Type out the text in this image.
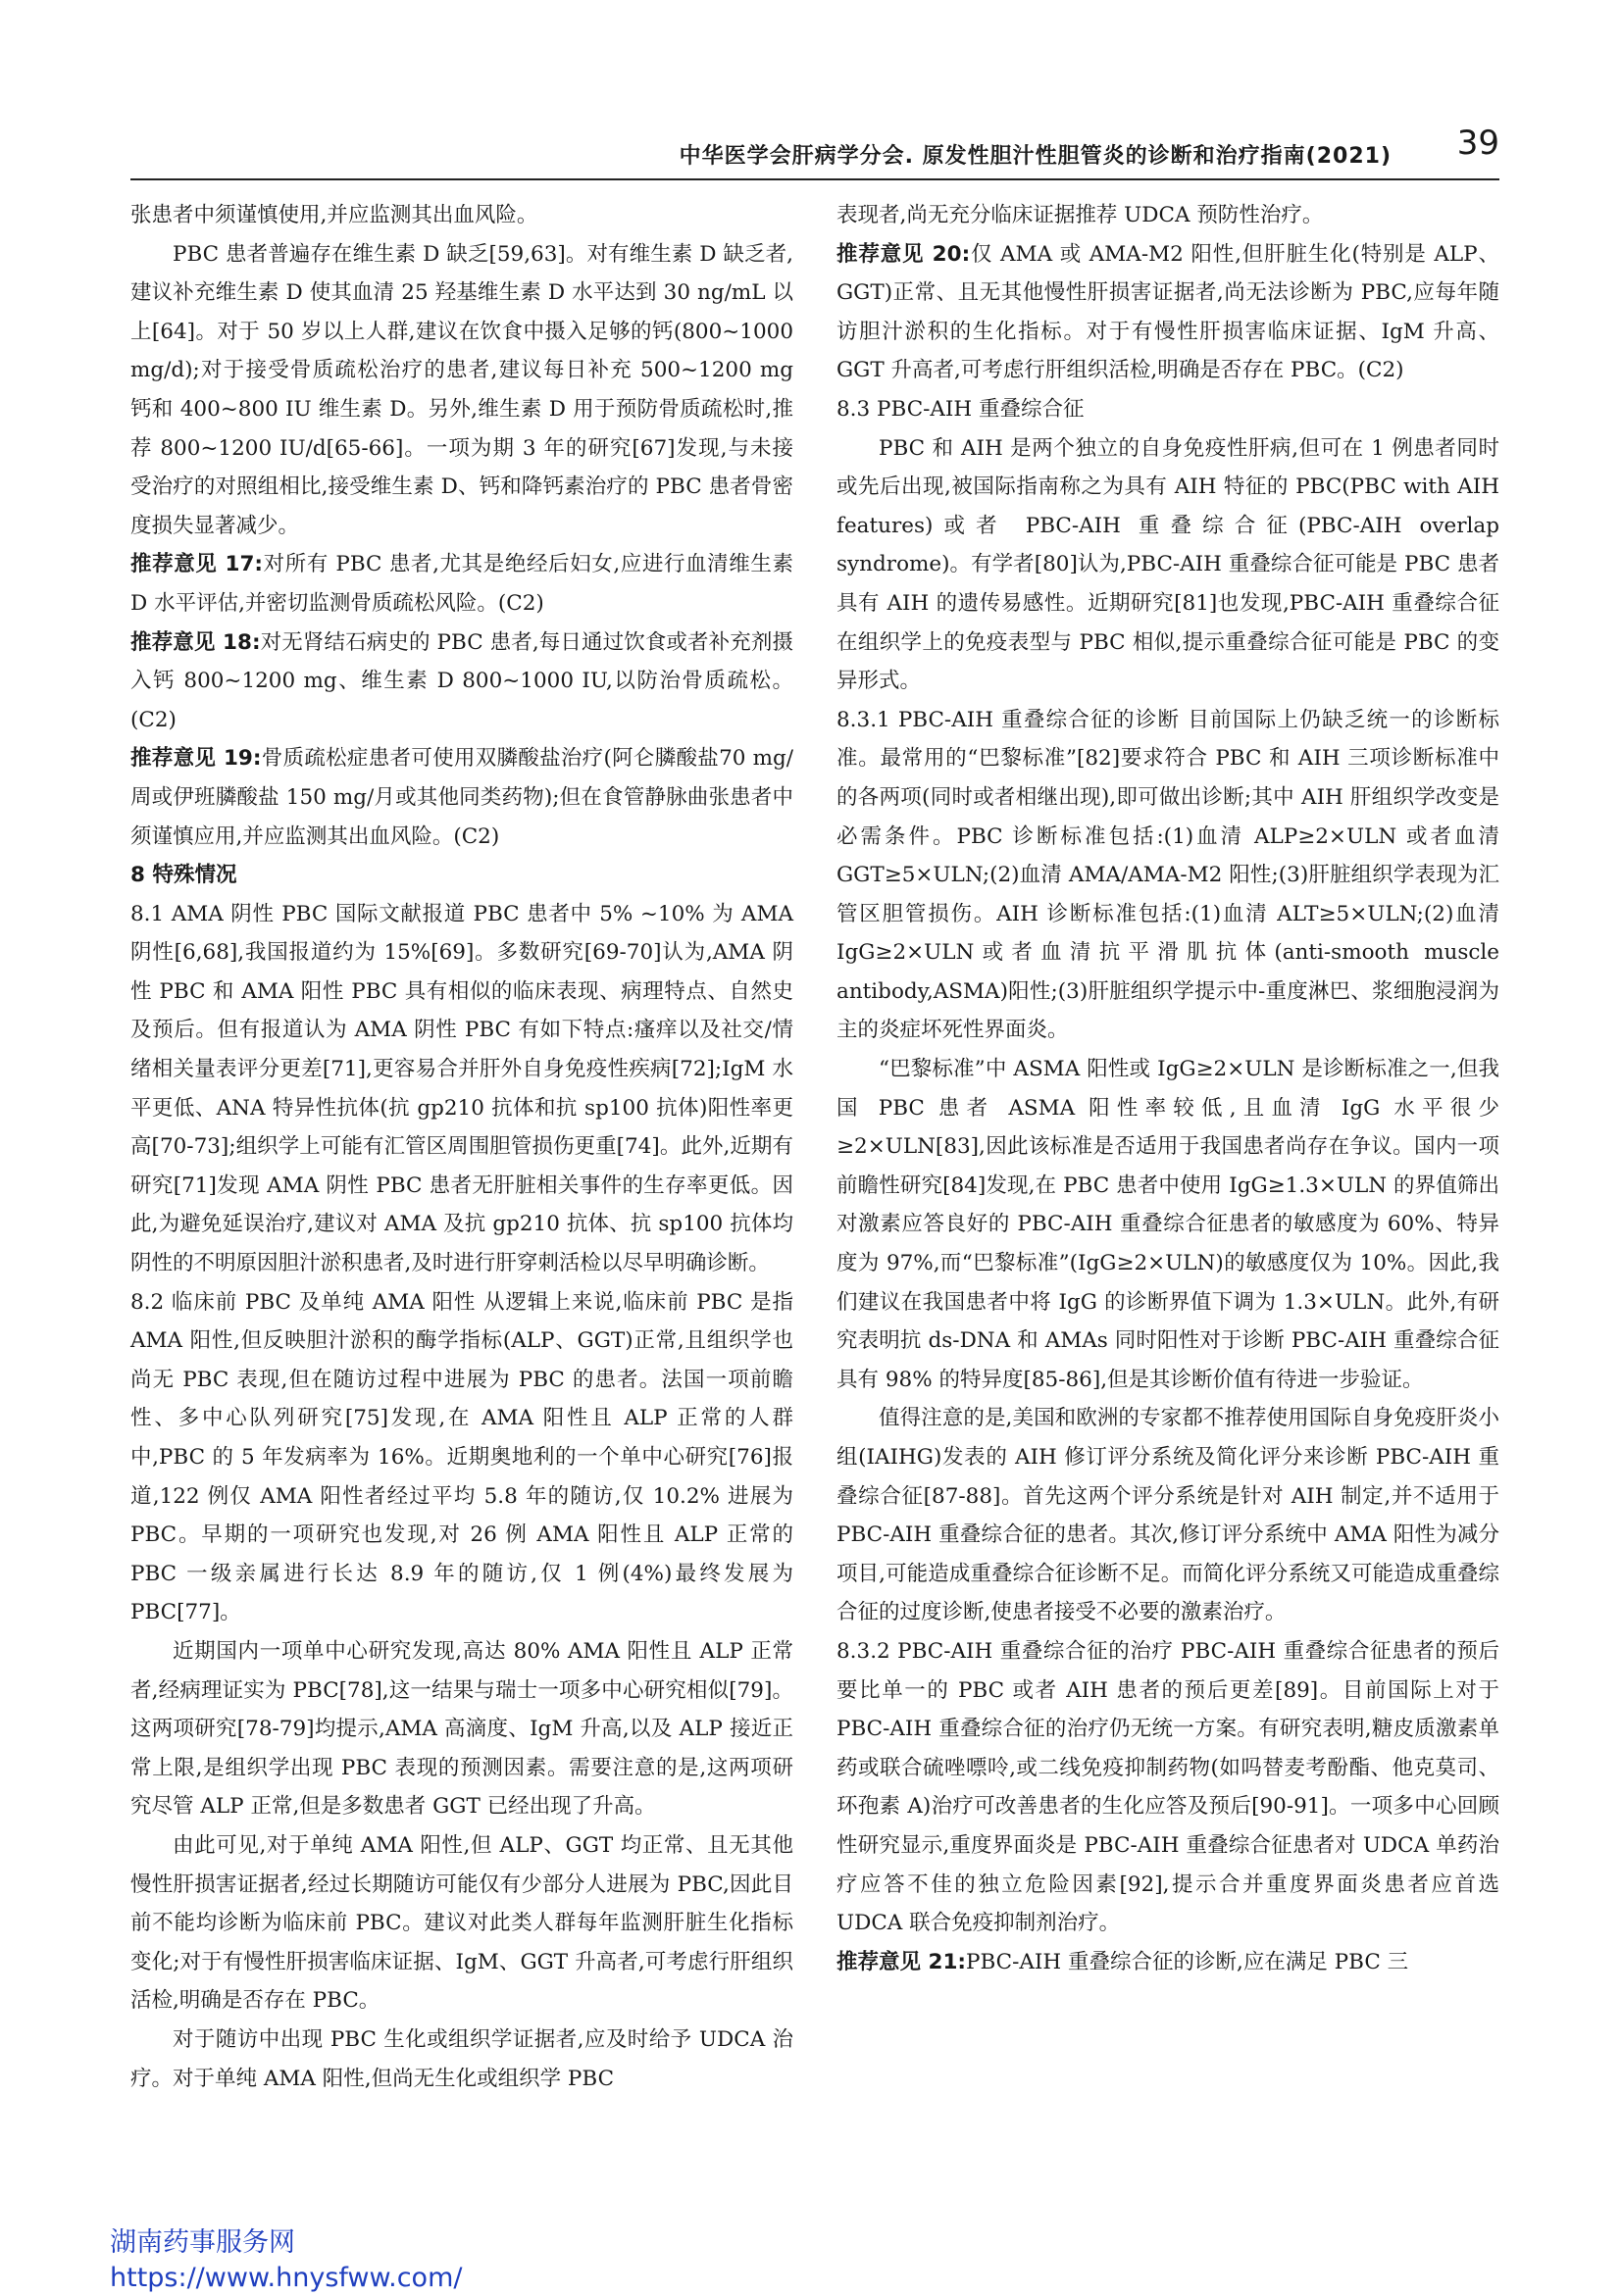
中华医学会肝病学分会. 原发性胆汁性胆管炎的诊断和治疗指南(2021) 39

张患者中须谨慎使用,并应监测其出血风险。

PBC 患者普遍存在维生素 D 缺乏[59,63]。对有维生素 D 缺乏者,建议补充维生素 D 使其血清 25 羟基维生素 D 水平达到 30 ng/mL 以上[64]。对于 50 岁以上人群,建议在饮食中摄入足够的钙(800~1000 mg/d);对于接受骨质疏松治疗的患者,建议每日补充 500~1200 mg 钙和 400~800 IU 维生素 D。另外,维生素 D 用于预防骨质疏松时,推荐 800~1200 IU/d[65-66]。一项为期 3 年的研究[67]发现,与未接受治疗的对照组相比,接受维生素 D、钙和降钙素治疗的 PBC 患者骨密度损失显著减少。

推荐意见 17:对所有 PBC 患者,尤其是绝经后妇女,应进行血清维生素 D 水平评估,并密切监测骨质疏松风险。(C2)

推荐意见 18:对无肾结石病史的 PBC 患者,每日通过饮食或者补充剂摄入钙 800~1200 mg、维生素 D 800~1000 IU,以防治骨质疏松。(C2)

推荐意见 19:骨质疏松症患者可使用双膦酸盐治疗(阿仑膦酸盐70 mg/周或伊班膦酸盐 150 mg/月或其他同类药物);但在食管静脉曲张患者中须谨慎应用,并应监测其出血风险。(C2)

8 特殊情况

8.1 AMA 阴性 PBC 国际文献报道 PBC 患者中 5% ~10% 为 AMA 阴性[6,68],我国报道约为 15%[69]。多数研究[69-70]认为,AMA 阴性 PBC 和 AMA 阳性 PBC 具有相似的临床表现、病理特点、自然史及预后。但有报道认为 AMA 阴性 PBC 有如下特点:瘙痒以及社交/情绪相关量表评分更差[71],更容易合并肝外自身免疫性疾病[72];IgM 水平更低、ANA 特异性抗体(抗 gp210 抗体和抗 sp100 抗体)阳性率更高[70-73];组织学上可能有汇管区周围胆管损伤更重[74]。此外,近期有研究[71]发现 AMA 阴性 PBC 患者无肝脏相关事件的生存率更低。因此,为避免延误治疗,建议对 AMA 及抗 gp210 抗体、抗 sp100 抗体均阴性的不明原因胆汁淤积患者,及时进行肝穿刺活检以尽早明确诊断。

8.2 临床前 PBC 及单纯 AMA 阳性 从逻辑上来说,临床前 PBC 是指 AMA 阳性,但反映胆汁淤积的酶学指标(ALP、GGT)正常,且组织学也尚无 PBC 表现,但在随访过程中进展为 PBC 的患者。法国一项前瞻性、多中心队列研究[75]发现,在 AMA 阳性且 ALP 正常的人群中,PBC 的 5 年发病率为 16%。近期奥地利的一个单中心研究[76]报道,122 例仅 AMA 阳性者经过平均 5.8 年的随访,仅 10.2% 进展为 PBC。早期的一项研究也发现,对 26 例 AMA 阳性且 ALP 正常的 PBC 一级亲属进行长达 8.9 年的随访,仅 1 例(4%)最终发展为 PBC[77]。

近期国内一项单中心研究发现,高达 80% AMA 阳性且 ALP 正常者,经病理证实为 PBC[78],这一结果与瑞士一项多中心研究相似[79]。这两项研究[78-79]均提示,AMA 高滴度、IgM 升高,以及 ALP 接近正常上限,是组织学出现 PBC 表现的预测因素。需要注意的是,这两项研究尽管 ALP 正常,但是多数患者 GGT 已经出现了升高。

由此可见,对于单纯 AMA 阳性,但 ALP、GGT 均正常、且无其他慢性肝损害证据者,经过长期随访可能仅有少部分人进展为 PBC,因此目前不能均诊断为临床前 PBC。建议对此类人群每年监测肝脏生化指标变化;对于有慢性肝损害临床证据、IgM、GGT 升高者,可考虑行肝组织活检,明确是否存在 PBC。

对于随访中出现 PBC 生化或组织学证据者,应及时给予 UDCA 治疗。对于单纯 AMA 阳性,但尚无生化或组织学 PBC

表现者,尚无充分临床证据推荐 UDCA 预防性治疗。

推荐意见 20:仅 AMA 或 AMA-M2 阳性,但肝脏生化(特别是 ALP、GGT)正常、且无其他慢性肝损害证据者,尚无法诊断为 PBC,应每年随访胆汁淤积的生化指标。对于有慢性肝损害临床证据、IgM 升高、GGT 升高者,可考虑行肝组织活检,明确是否存在 PBC。(C2)

8.3 PBC-AIH 重叠综合征

PBC 和 AIH 是两个独立的自身免疫性肝病,但可在 1 例患者同时或先后出现,被国际指南称之为具有 AIH 特征的 PBC(PBC with AIH features)或者 PBC-AIH 重叠综合征(PBC-AIH overlap syndrome)。有学者[80]认为,PBC-AIH 重叠综合征可能是 PBC 患者具有 AIH 的遗传易感性。近期研究[81]也发现,PBC-AIH 重叠综合征在组织学上的免疫表型与 PBC 相似,提示重叠综合征可能是 PBC 的变异形式。

8.3.1 PBC-AIH 重叠综合征的诊断 目前国际上仍缺乏统一的诊断标准。最常用的“巴黎标准”[82]要求符合 PBC 和 AIH 三项诊断标准中的各两项(同时或者相继出现),即可做出诊断;其中 AIH 肝组织学改变是必需条件。PBC 诊断标准包括:(1)血清 ALP≥2×ULN 或者血清 GGT≥5×ULN;(2)血清 AMA/AMA-M2 阳性;(3)肝脏组织学表现为汇管区胆管损伤。AIH 诊断标准包括:(1)血清 ALT≥5×ULN;(2)血清 IgG≥2×ULN或者血清抗平滑肌抗体(anti-smooth muscle antibody,ASMA)阳性;(3)肝脏组织学提示中-重度淋巴、浆细胞浸润为主的炎症坏死性界面炎。

“巴黎标准”中 ASMA 阳性或 IgG≥2×ULN 是诊断标准之一,但我国 PBC 患者 ASMA 阳性率较低,且血清 IgG 水平很少≥2×ULN[83],因此该标准是否适用于我国患者尚存在争议。国内一项前瞻性研究[84]发现,在 PBC 患者中使用 IgG≥1.3×ULN 的界值筛出对激素应答良好的 PBC-AIH 重叠综合征患者的敏感度为 60%、特异度为 97%,而“巴黎标准”(IgG≥2×ULN)的敏感度仅为 10%。因此,我们建议在我国患者中将 IgG 的诊断界值下调为 1.3×ULN。此外,有研究表明抗 ds-DNA 和 AMAs 同时阳性对于诊断 PBC-AIH 重叠综合征具有 98% 的特异度[85-86],但是其诊断价值有待进一步验证。

值得注意的是,美国和欧洲的专家都不推荐使用国际自身免疫肝炎小组(IAIHG)发表的 AIH 修订评分系统及简化评分来诊断 PBC-AIH 重叠综合征[87-88]。首先这两个评分系统是针对 AIH 制定,并不适用于 PBC-AIH 重叠综合征的患者。其次,修订评分系统中 AMA 阳性为减分项目,可能造成重叠综合征诊断不足。而简化评分系统又可能造成重叠综合征的过度诊断,使患者接受不必要的激素治疗。

8.3.2 PBC-AIH 重叠综合征的治疗 PBC-AIH 重叠综合征患者的预后要比单一的 PBC 或者 AIH 患者的预后更差[89]。目前国际上对于 PBC-AIH 重叠综合征的治疗仍无统一方案。有研究表明,糖皮质激素单药或联合硫唑嘌呤,或二线免疫抑制药物(如吗替麦考酚酯、他克莫司、环孢素 A)治疗可改善患者的生化应答及预后[90-91]。一项多中心回顾性研究显示,重度界面炎是 PBC-AIH 重叠综合征患者对 UDCA 单药治疗应答不佳的独立危险因素[92],提示合并重度界面炎患者应首选 UDCA 联合免疫抑制剂治疗。

推荐意见 21:PBC-AIH 重叠综合征的诊断,应在满足 PBC 三

湖南药事服务网
https://www.hnysfww.com/
